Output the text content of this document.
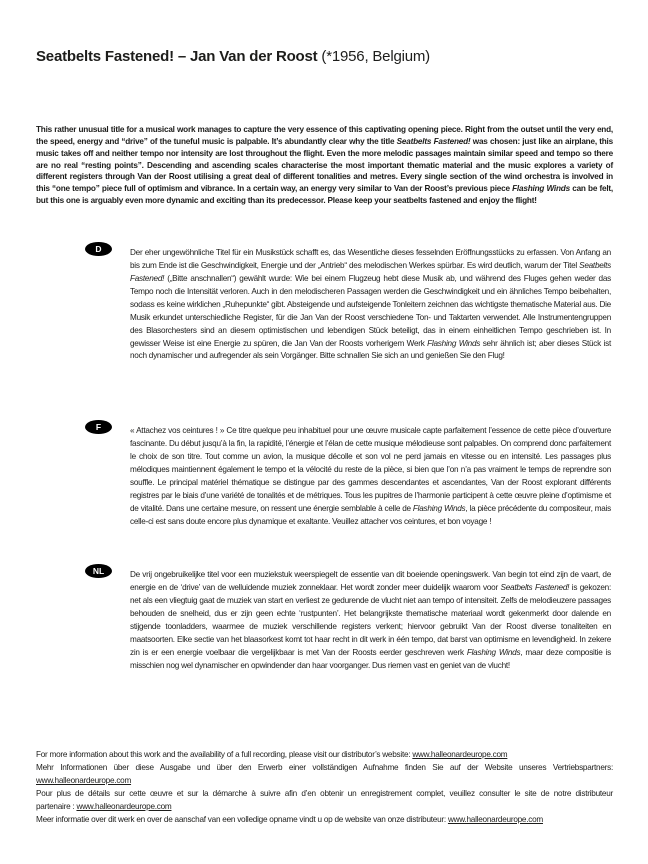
Seatbelts Fastened! – Jan Van der Roost (*1956, Belgium)

This rather unusual title for a musical work manages to capture the very essence of this captivating opening piece. Right from the outset until the very end, the speed, energy and “drive” of the tuneful music is palpable. It’s abundantly clear why the title Seatbelts Fastened! was chosen: just like an airplane, this music takes off and neither tempo nor intensity are lost throughout the flight. Even the more melodic passages maintain similar speed and tempo so there are no real “resting points”. Descending and ascending scales characterise the most important thematic material and the music explores a variety of different registers through Van der Roost utilising a great deal of different tonalities and metres. Every single section of the wind orchestra is involved in this “one tempo” piece full of optimism and vibrance. In a certain way, an energy very similar to Van der Roost’s previous piece Flashing Winds can be felt, but this one is arguably even more dynamic and exciting than its predecessor. Please keep your seatbelts fastened and enjoy the flight!

D	Der eher ungewöhnliche Titel für ein Musikstück schafft es, das Wesentliche dieses fesselnden Eröffnungsstücks zu erfassen. Von Anfang an bis zum Ende ist die Geschwindigkeit, Energie und der „Antrieb“ des melodischen Werkes spürbar. Es wird deutlich, warum der Titel Seatbelts Fastened! („Bitte anschnallen“) gewählt wurde: Wie bei einem Flugzeug hebt diese Musik ab, und während des Fluges gehen weder das Tempo noch die Intensität verloren. Auch in den melodischeren Passagen werden die Geschwindigkeit und ein ähnliches Tempo beibehalten, sodass es keine wirklichen „Ruhepunkte“ gibt. Absteigende und aufsteigende Tonleitern zeichnen das wichtigste thematische Material aus. Die Musik erkundet unterschiedliche Register, für die Jan Van der Roost verschiedene Ton- und Taktarten verwendet. Alle Instrumentengruppen des Blasorchesters sind an diesem optimistischen und lebendigen Stück beteiligt, das in einem einheitlichen Tempo geschrieben ist. In gewisser Weise ist eine Energie zu spüren, die Jan Van der Roosts vorherigem Werk Flashing Winds sehr ähnlich ist; aber dieses Stück ist noch dynamischer und aufregender als sein Vorgänger. Bitte schnallen Sie sich an und genießen Sie den Flug!

F	« Attachez vos ceintures ! » Ce titre quelque peu inhabituel pour une œuvre musicale capte parfaitement l’essence de cette pièce d’ouverture fascinante. Du début jusqu’à la fin, la rapidité, l’énergie et l’élan de cette musique mélodieuse sont palpables. On comprend donc parfaitement le choix de son titre. Tout comme un avion, la musique décolle et son vol ne perd jamais en vitesse ou en intensité. Les passages plus mélodiques maintiennent également le tempo et la vélocité du reste de la pièce, si bien que l’on n’a pas vraiment le temps de reprendre son souffle. Le principal matériel thématique se distingue par des gammes descendantes et ascendantes, Van der Roost explorant différents registres par le biais d’une variété de tonalités et de métriques. Tous les pupitres de l’harmonie participent à cette œuvre pleine d’optimisme et de vitalité. Dans une certaine mesure, on ressent une énergie semblable à celle de Flashing Winds, la pièce précédente du compositeur, mais celle-ci est sans doute encore plus dynamique et exaltante. Veuillez attacher vos ceintures, et bon voyage !

NL	De vrij ongebruikelijke titel voor een muziekstuk weerspiegelt de essentie van dit boeiende openingswerk. Van begin tot eind zijn de vaart, de energie en de ‘drive’ van de welluidende muziek zonneklaar. Het wordt zonder meer duidelijk waarom voor Seatbelts Fastened! is gekozen: net als een vliegtuig gaat de muziek van start en verliest ze gedurende de vlucht niet aan tempo of intensiteit. Zelfs de melodieuzere passages behouden de snelheid, dus er zijn geen echte ‘rustpunten’. Het belangrijkste thematische materiaal wordt gekenmerkt door dalende en stijgende toonladders, waarmee de muziek verschillende registers verkent; hiervoor gebruikt Van der Roost diverse tonaliteiten en maatsoorten. Elke sectie van het blaasorkest komt tot haar recht in dit werk in één tempo, dat barst van optimisme en levendigheid. In zekere zin is er een energie voelbaar die vergelijkbaar is met Van der Roosts eerder geschreven werk Flashing Winds, maar deze compositie is misschien nog wel dynamischer en opwindender dan haar voorganger. Dus riemen vast en geniet van de vlucht!

For more information about this work and the availability of a full recording, please visit our distributor’s website: www.halleonardeurope.com
Mehr Informationen über diese Ausgabe und über den Erwerb einer vollständigen Aufnahme finden Sie auf der Website unseres Vertriebspartners:
www.halleonardeurope.com
Pour plus de détails sur cette œuvre et sur la démarche à suivre afin d’en obtenir un enregistrement complet, veuillez consulter le site de notre distributeur
partenaire : www.halleonardeurope.com
Meer informatie over dit werk en over de aanschaf van een volledige opname vindt u op de website van onze distributeur: www.halleonardeurope.com
